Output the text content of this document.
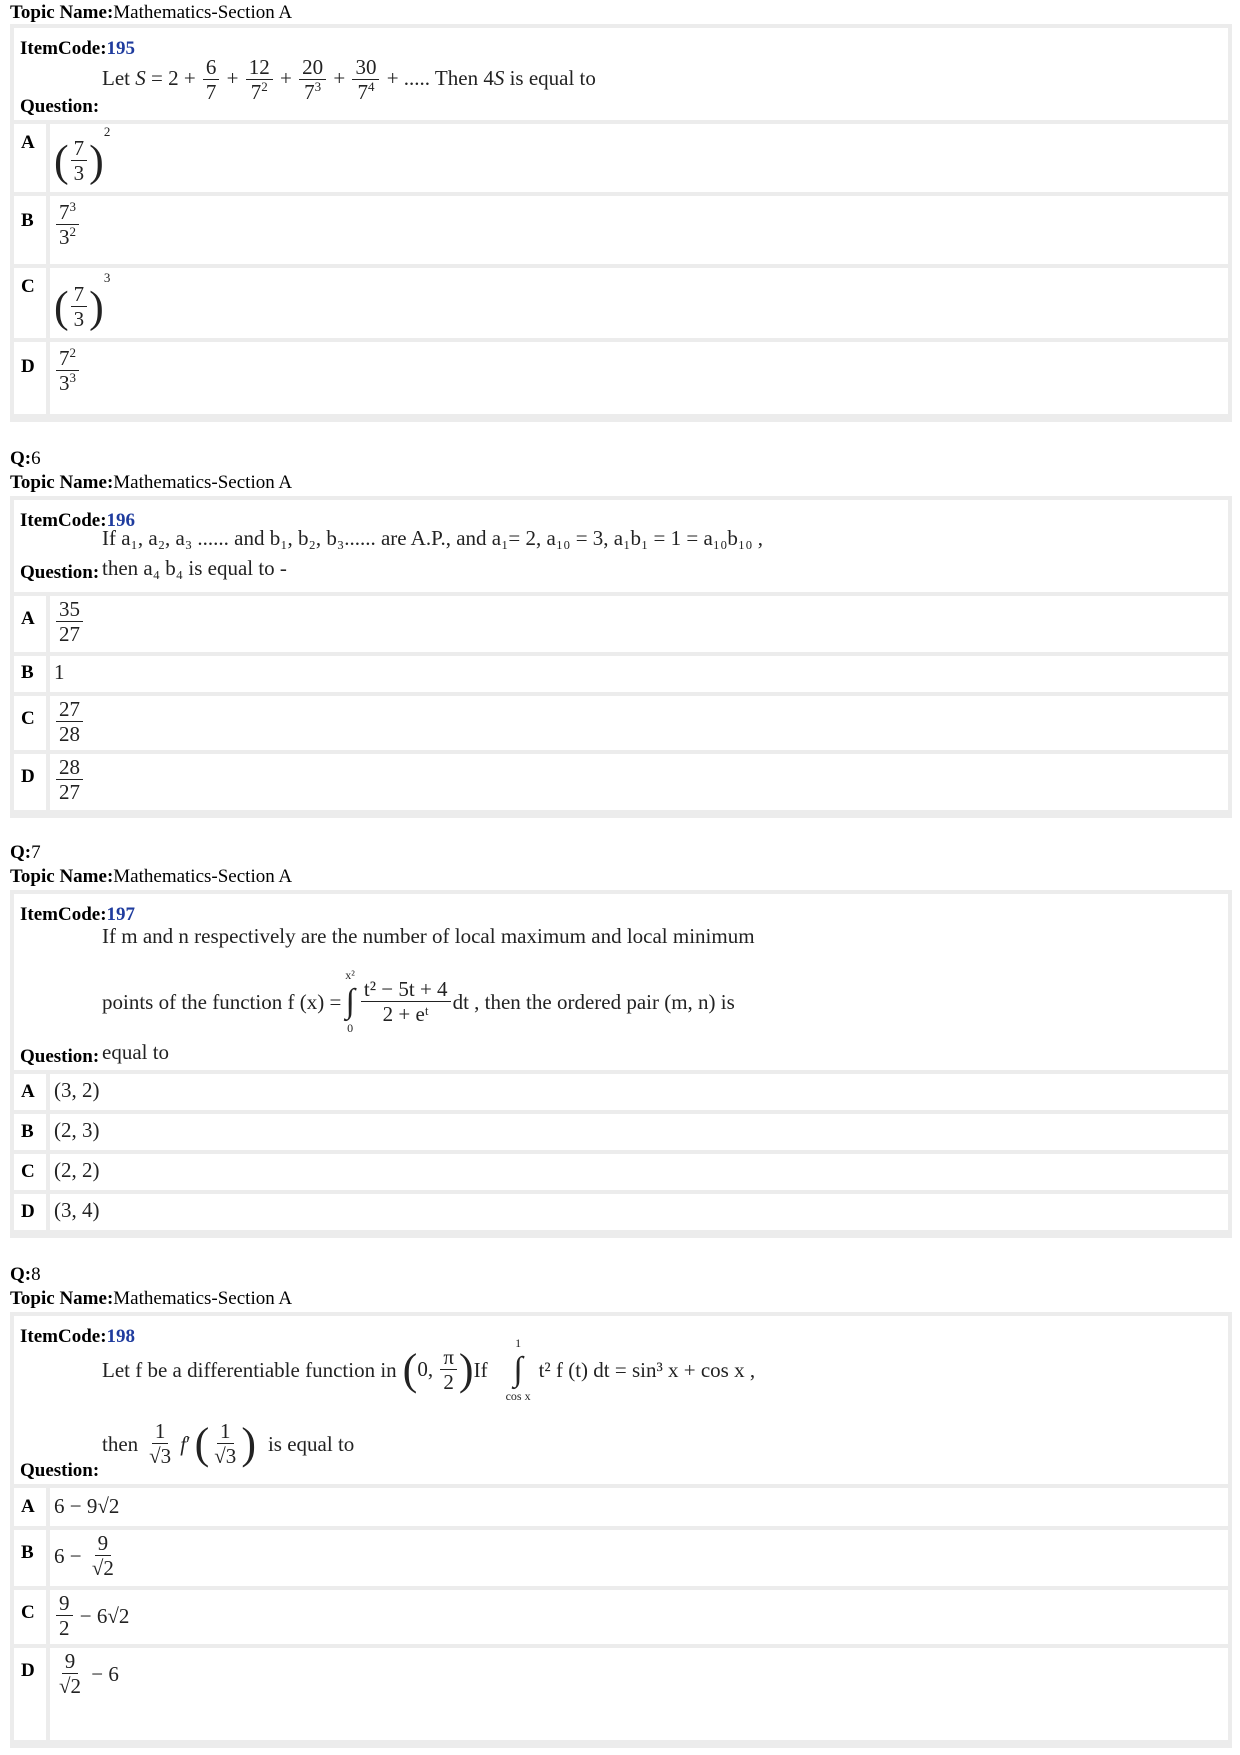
Topic Name:Mathematics-Section A
ItemCode:195
Let $S = 2 + \frac{6}{7} + \frac{12}{7^2} + \frac{20}{7^3} + \frac{30}{7^4}$ + ..... Then 4S is equal to
Question:
A ( $\frac{7}{3} )^2$
B	$\frac{7^3}{3^2}$
C ( $\frac{7}{3} )^3$
D	$\frac{7^2}{3^3}$
Q:6
Topic Name:Mathematics-Section A
ItemCode:196
If a₁, a₂, a₃ ...... and b₁, b₂, b₃...... are A.P., and a₁= 2, a₁₀ = 3, a₁b₁ = 1 = a₁₀b₁₀ ,
then a₄ b₄ is equal to -
Question:
A	$\frac{35}{27}$
B 1
C	$\frac{27}{28}$
D	$\frac{28}{27}$
Q:7
Topic Name:Mathematics-Section A
ItemCode:197
If m and n respectively are the number of local maximum and local minimum
points of the function f (x) =
x²
∫
0
$\frac{\text{t² − 5t + 4}}{\text{2 + eᵗ}}$ dt , then the ordered pair (m, n) is
equal to
Question:
A (3, 2)
B (2, 3)
C (2, 2)
D (3, 4)
Q:8
Topic Name:Mathematics-Section A
ItemCode:198
Let f be a differentiable function in ( 0, $\frac{\pi}{2}$ ) If
1
∫
cos x
t² f (t) dt = sin³ x + cos x ,
then $\frac{1}{√3} f'$ ( $\frac{1}{√3}$ ) is equal to
Question:
A 6 − 9√2
B $6 - \frac{9}{√2}$
C	$\frac{9}{2} - 6√2$
D	$\frac{9}{√2} - 6$
